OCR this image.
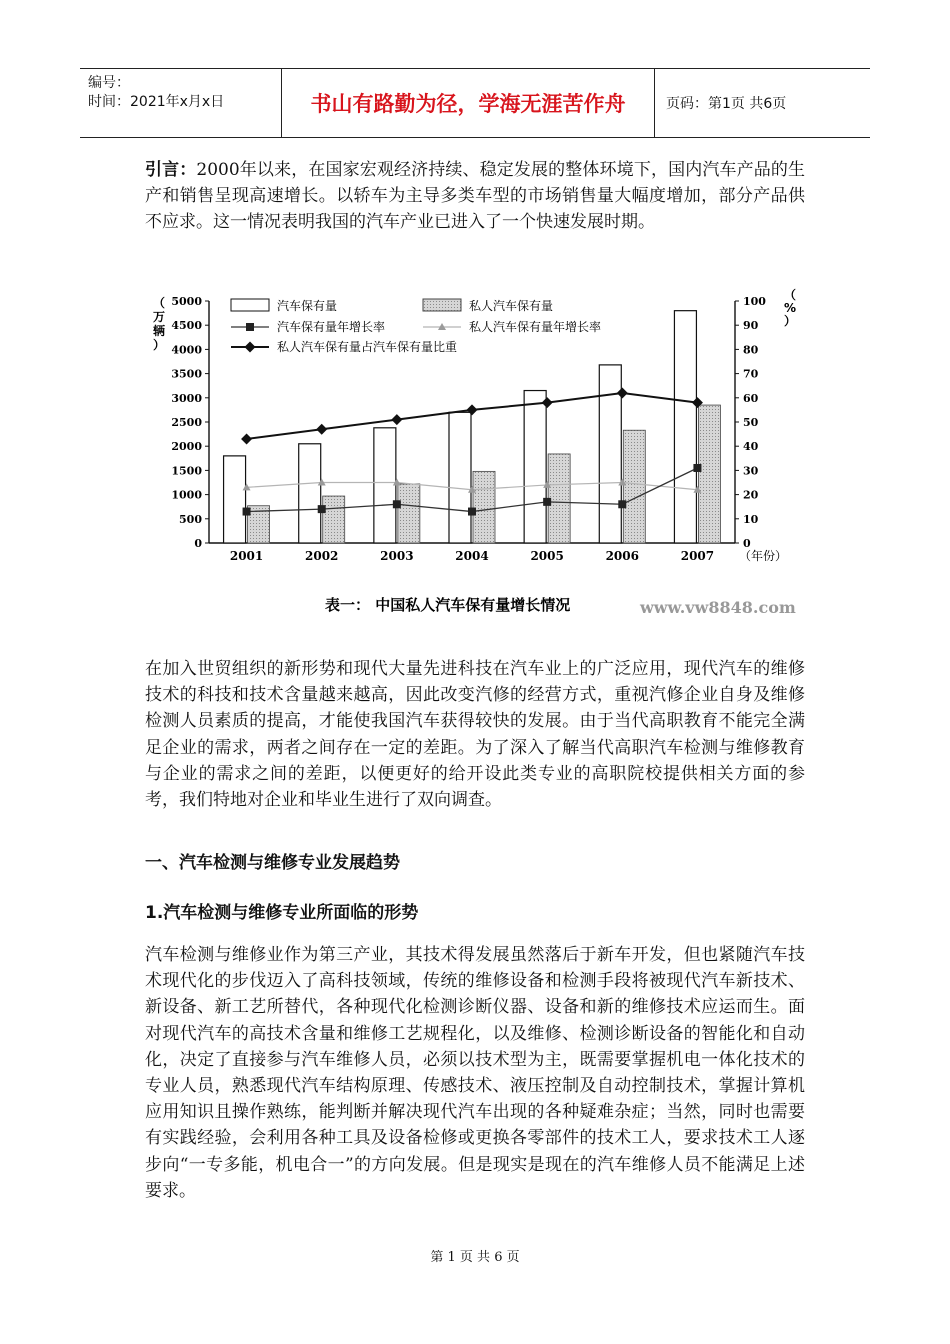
编号：
时间：2021年x月x日	书山有路勤为径，学海无涯苦作舟	页码：第1页 共6页
引言：2000年以来，在国家宏观经济持续、稳定发展的整体环境下，国内汽车产品的生产和销售呈现高速增长。以轿车为主导多类车型的市场销售量大幅度增加，部分产品供不应求。这一情况表明我国的汽车产业已进入了一个快速发展时期。
0
500
1000
1500
2000
2500
3000
3500
4000
4500
5000
0
10
20
30
40
50
60
70
80
90
100
（
万
辆
）
（
%
）
2001	2002	2003	2004	2005	2006	2007 （年份）
汽车保有量	私人汽车保有量
汽车保有量年增长率	私人汽车保有量年增长率
私人汽车保有量占汽车保有量比重
表一： 中国私人汽车保有量增长情况	www.vw8848.com
在加入世贸组织的新形势和现代大量先进科技在汽车业上的广泛应用，现代汽车的维修技术的科技和技术含量越来越高，因此改变汽修的经营方式，重视汽修企业自身及维修检测人员素质的提高，才能使我国汽车获得较快的发展。由于当代高职教育不能完全满足企业的需求，两者之间存在一定的差距。为了深入了解当代高职汽车检测与维修教育与企业的需求之间的差距，以便更好的给开设此类专业的高职院校提供相关方面的参考，我们特地对企业和毕业生进行了双向调查。
一、汽车检测与维修专业发展趋势
1.汽车检测与维修专业所面临的形势
汽车检测与维修业作为第三产业，其技术得发展虽然落后于新车开发，但也紧随汽车技术现代化的步伐迈入了高科技领域，传统的维修设备和检测手段将被现代汽车新技术、新设备、新工艺所替代，各种现代化检测诊断仪器、设备和新的维修技术应运而生。面对现代汽车的高技术含量和维修工艺规程化，以及维修、检测诊断设备的智能化和自动化，决定了直接参与汽车维修人员，必须以技术型为主，既需要掌握机电一体化技术的专业人员，熟悉现代汽车结构原理、传感技术、液压控制及自动控制技术，掌握计算机应用知识且操作熟练，能判断并解决现代汽车出现的各种疑难杂症；当然，同时也需要有实践经验，会利用各种工具及设备检修或更换各零部件的技术工人，要求技术工人逐步向“一专多能，机电合一”的方向发展。但是现实是现在的汽车维修人员不能满足上述要求。
第 1 页 共 6 页
